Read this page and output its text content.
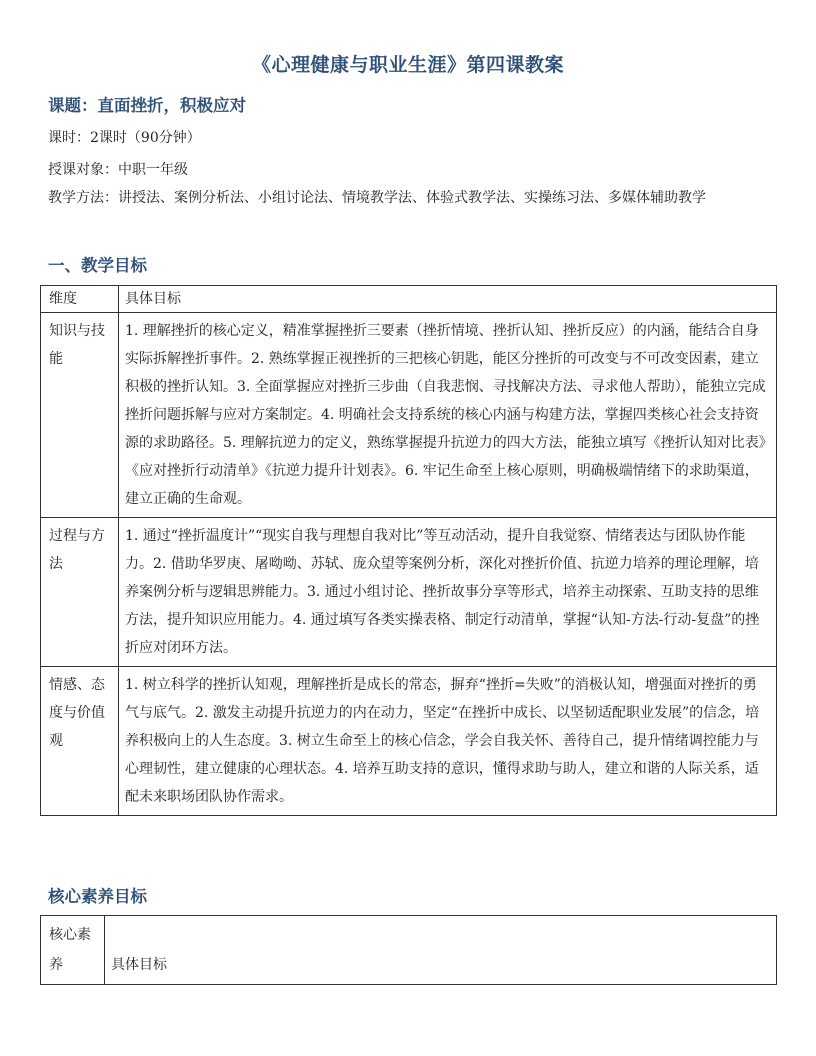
《心理健康与职业生涯》第四课教案
课题：直面挫折，积极应对
课时：2课时（90分钟）
授课对象：中职一年级
教学方法：讲授法、案例分析法、小组讨论法、情境教学法、体验式教学法、实操练习法、多媒体辅助教学
一、教学目标
维度	具体目标
知识与技能	1. 理解挫折的核心定义，精准掌握挫折三要素（挫折情境、挫折认知、挫折反应）的内涵，能结合自身实际拆解挫折事件。2. 熟练掌握正视挫折的三把核心钥匙，能区分挫折的可改变与不可改变因素，建立积极的挫折认知。3. 全面掌握应对挫折三步曲（自我悲悯、寻找解决方法、寻求他人帮助），能独立完成挫折问题拆解与应对方案制定。4. 明确社会支持系统的核心内涵与构建方法，掌握四类核心社会支持资源的求助路径。5. 理解抗逆力的定义，熟练掌握提升抗逆力的四大方法，能独立填写《挫折认知对比表》《应对挫折行动清单》《抗逆力提升计划表》。6. 牢记生命至上核心原则，明确极端情绪下的求助渠道，建立正确的生命观。
过程与方法	1. 通过“挫折温度计”“现实自我与理想自我对比”等互动活动，提升自我觉察、情绪表达与团队协作能力。2. 借助华罗庚、屠呦呦、苏轼、庞众望等案例分析，深化对挫折价值、抗逆力培养的理论理解，培养案例分析与逻辑思辨能力。3. 通过小组讨论、挫折故事分享等形式，培养主动探索、互助支持的思维方法，提升知识应用能力。4. 通过填写各类实操表格、制定行动清单，掌握“认知-方法-行动-复盘”的挫折应对闭环方法。
情感、态度与价值观	1. 树立科学的挫折认知观，理解挫折是成长的常态，摒弃“挫折=失败”的消极认知，增强面对挫折的勇气与底气。2. 激发主动提升抗逆力的内在动力，坚定“在挫折中成长、以坚韧适配职业发展”的信念，培养积极向上的人生态度。3. 树立生命至上的核心信念，学会自我关怀、善待自己，提升情绪调控能力与心理韧性，建立健康的心理状态。4. 培养互助支持的意识，懂得求助与助人，建立和谐的人际关系，适配未来职场团队协作需求。
核心素养目标
核心素养	具体目标
